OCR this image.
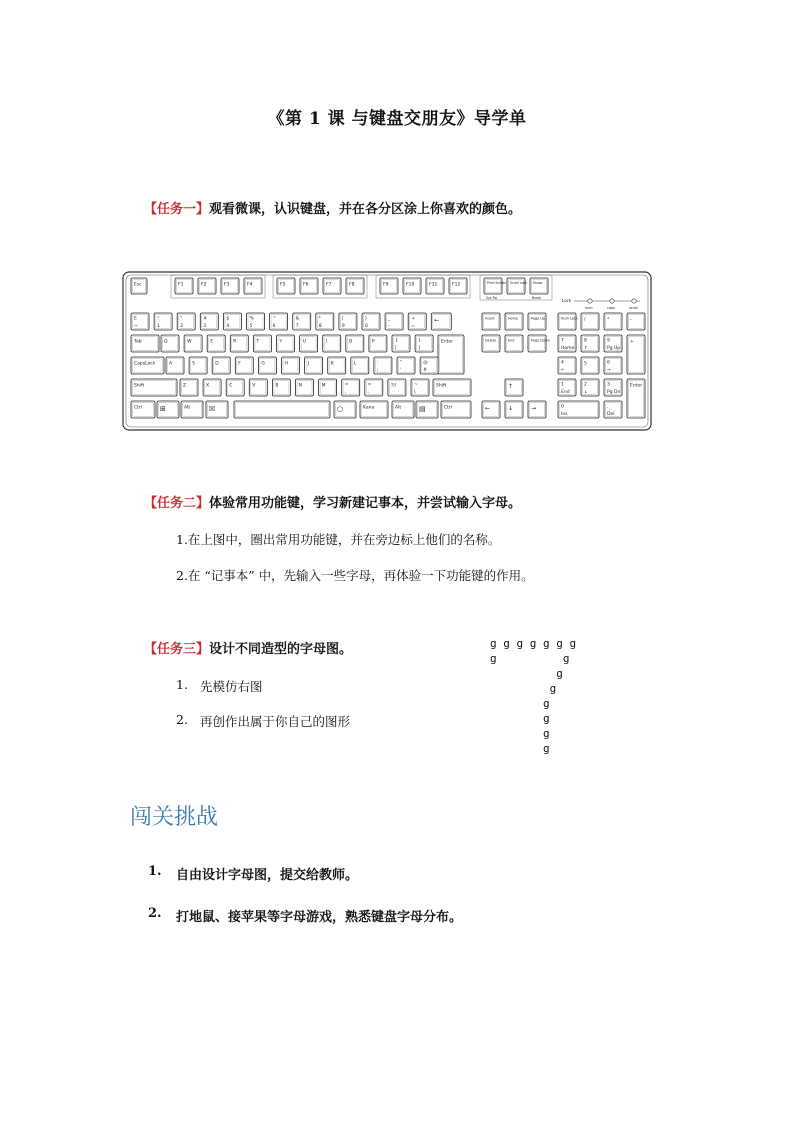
《第 1 课 与键盘交朋友》导学单
【任务一】观看微课，认识键盘，并在各分区涂上你喜欢的颜色。
Esc	F1	F2	F3	F4	F5	F6	F7	F8	F9	F10	F11	F12	Print Screen
Sys Rq
Scroll Lock Pause
Break	Lock
num	caps	scroll
E
~
!
1
"
2
#
3
$
4
%
5
^
6
&
7
*
8
(
9
)
0
_
-
+
=
←
Tab	Q	W	E	R	T	Y	U	I	O	P	{
[
}
]
Enter
CapsLock	A	S	D	F	G	H	J	K	L	:
;
"
'
@
#
Shift	Z	X	C	V	B	N	M	<
,
>
.
?//	~
\
Shift
Ctrl	⊞	Alt	☒	○	Kana	Alt	▤	Ctrl
Insert	Home	Page Up
Delete	End	Page Down
↑
←	↓	→
Num Lock /	*	-
7
Home
8
↑
9
Pg Up
+
4
←
5	6
→
1
End
2
↓
3
Pg Dn
Enter
0
Ins
.
Del
【任务二】体验常用功能键，学习新建记事本，并尝试输入字母。
1.在上图中，圈出常用功能键，并在旁边标上他们的名称。
2.在 “记事本” 中，先输入一些字母，再体验一下功能键的作用。
【任务三】设计不同造型的字母图。
1. 先模仿右图
2. 再创作出属于你自己的图形
g g g g g g g
g          g
g
g
g
g
g
g
闯关挑战
1. 自由设计字母图，提交给教师。
2. 打地鼠、接苹果等字母游戏，熟悉键盘字母分布。
